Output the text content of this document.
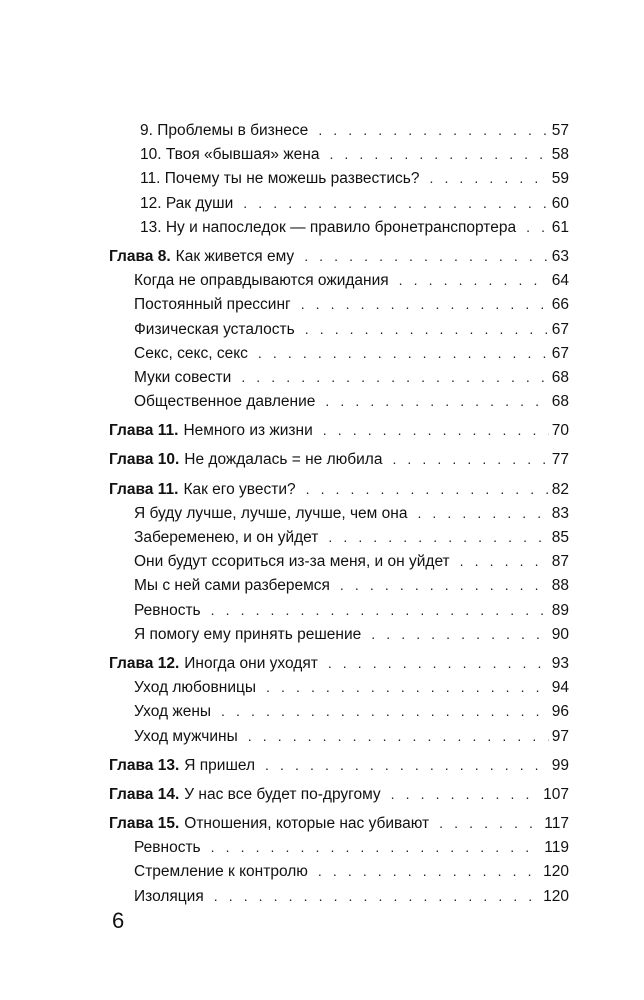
9. Проблемы в бизнесе . . .	57
10. Твоя «бывшая» жена . . .	58
11. Почему ты не можешь развестись? . . .	59
12. Рак души . . .	60
13. Ну и напоследок — правило бронетранспортера . . . 61
Глава 8. Как живется ему . . .	63
Когда не оправдываются ожидания . . .	64
Постоянный прессинг . . .	66
Физическая усталость . . .	67
Секс, секс, секс . . .	67
Муки совести . . .	68
Общественное давление . . .	68
Глава 11. Немного из жизни . . .	70
Глава 10. Не дождалась = не любила . . .	77
Глава 11. Как его увести? . . .	82
Я буду лучше, лучше, лучше, чем она . . .	83
Забеременею, и он уйдет . . .	85
Они будут ссориться из-за меня, и он уйдет . . .	87
Мы с ней сами разберемся . . .	88
Ревность . . .	89
Я помогу ему принять решение . . .	90
Глава 12. Иногда они уходят . . .	93
Уход любовницы . . .	94
Уход жены . . .	96
Уход мужчины . . .	97
Глава 13. Я пришел . . .	99
Глава 14. У нас все будет по-другому . . .	107
Глава 15. Отношения, которые нас убивают . . .	117
Ревность . . .	119
Стремление к контролю . . .	120
Изоляция . . .	120
6
